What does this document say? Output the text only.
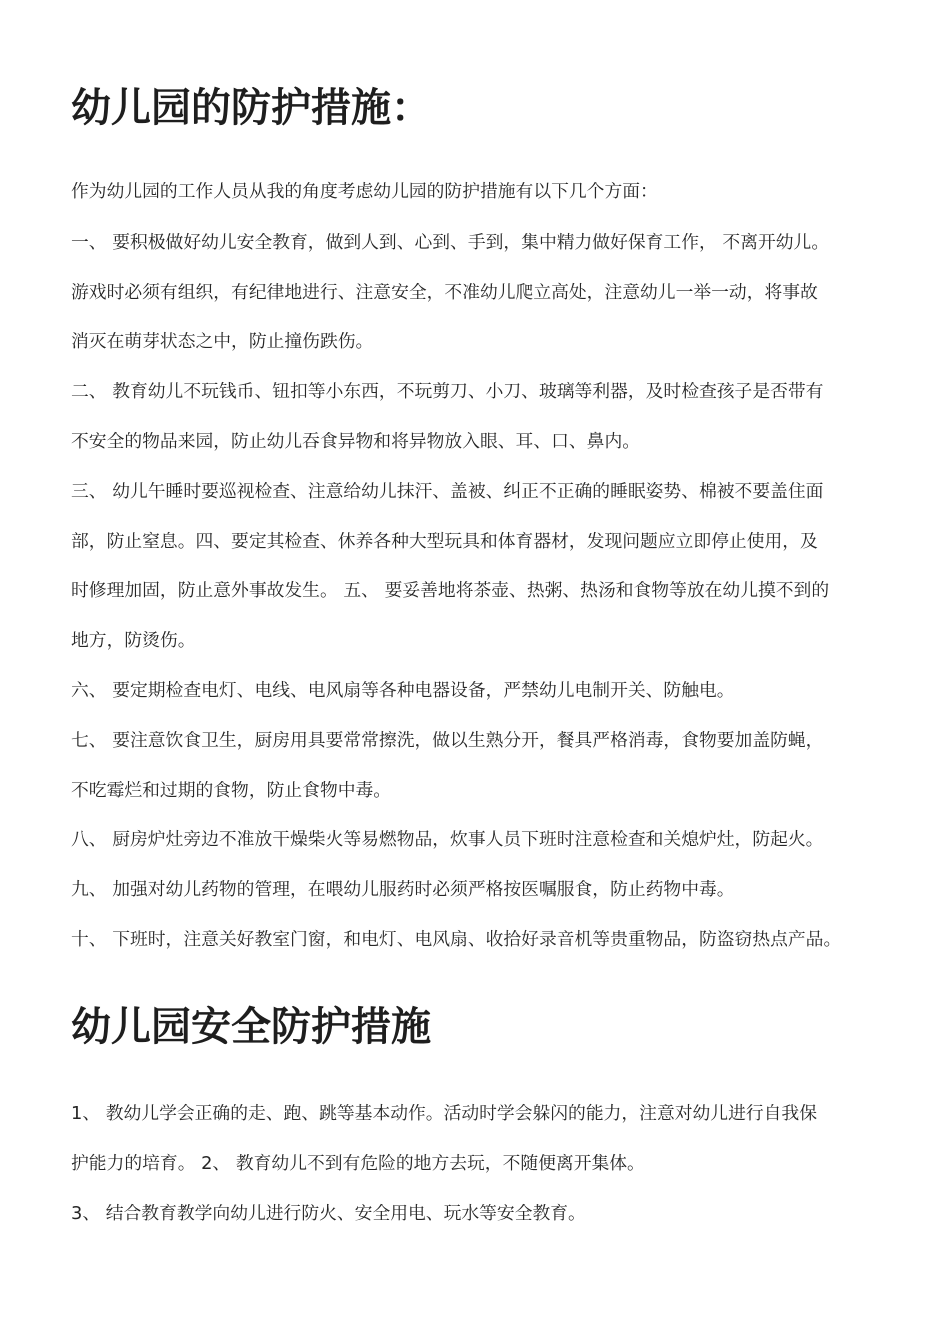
幼儿园的防护措施：

作为幼儿园的工作人员从我的角度考虑幼儿园的防护措施有以下几个方面：

一、 要积极做好幼儿安全教育，做到人到、心到、手到，集中精力做好保育工作， 不离开幼儿。
游戏时必须有组织，有纪律地进行、注意安全，不准幼儿爬立高处，注意幼儿一举一动，将事故
消灭在萌芽状态之中，防止撞伤跌伤。

二、 教育幼儿不玩钱币、钮扣等小东西，不玩剪刀、小刀、玻璃等利器，及时检查孩子是否带有
不安全的物品来园，防止幼儿吞食异物和将异物放入眼、耳、口、鼻内。

三、 幼儿午睡时要巡视检查、注意给幼儿抹汗、盖被、纠正不正确的睡眠姿势、棉被不要盖住面
部，防止窒息。四、要定其检查、休养各种大型玩具和体育器材，发现问题应立即停止使用，及
时修理加固，防止意外事故发生。 五、 要妥善地将茶壶、热粥、热汤和食物等放在幼儿摸不到的
地方，防烫伤。

六、 要定期检查电灯、电线、电风扇等各种电器设备，严禁幼儿电制开关、防触电。

七、 要注意饮食卫生，厨房用具要常常擦洗，做以生熟分开，餐具严格消毒，食物要加盖防蝇，
不吃霉烂和过期的食物，防止食物中毒。

八、 厨房炉灶旁边不准放干燥柴火等易燃物品，炊事人员下班时注意检查和关熄炉灶，防起火。

九、 加强对幼儿药物的管理，在喂幼儿服药时必须严格按医嘱服食，防止药物中毒。

十、 下班时，注意关好教室门窗，和电灯、电风扇、收拾好录音机等贵重物品，防盗窃热点产品。

幼儿园安全防护措施

1、 教幼儿学会正确的走、跑、跳等基本动作。活动时学会躲闪的能力，注意对幼儿进行自我保
护能力的培育。 2、 教育幼儿不到有危险的地方去玩，不随便离开集体。

3、 结合教育教学向幼儿进行防火、安全用电、玩水等安全教育。
